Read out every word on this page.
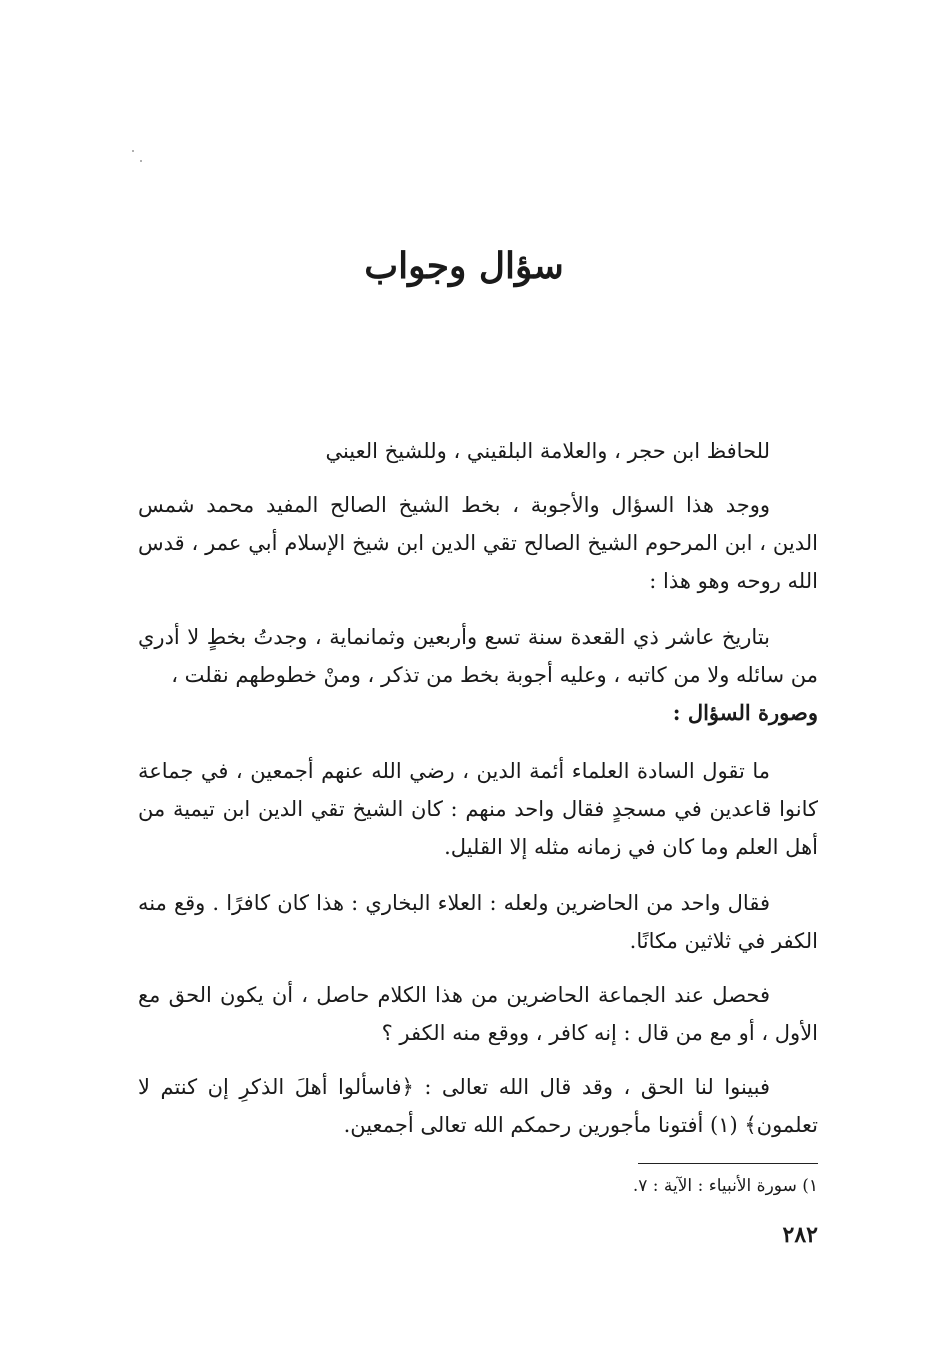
سؤال وجواب

للحافظ ابن حجر ، والعلامة البلقيني ، وللشيخ العيني

ووجد هذا السؤال والأجوبة ، بخط الشيخ الصالح المفيد محمد شمس الدين ، ابن المرحوم الشيخ الصالح تقي الدين ابن شيخ الإسلام أبي عمر ، قدس الله روحه وهو هذا :

بتاريخ عاشر ذي القعدة سنة تسع وأربعين وثمانماية ، وجدتُ بخطٍ لا أدري من سائله ولا من كاتبه ، وعليه أجوبة بخط من تذكر ، ومنْ خطوطهم نقلت ،

وصورة السؤال :

ما تقول السادة العلماء أئمة الدين ، رضي الله عنهم أجمعين ، في جماعة كانوا قاعدين في مسجدٍ فقال واحد منهم : كان الشيخ تقي الدين ابن تيمية من أهل العلم وما كان في زمانه مثله إلا القليل.

فقال واحد من الحاضرين ولعله : العلاء البخاري : هذا كان كافرًا . وقع منه الكفر في ثلاثين مكانًا.

فحصل عند الجماعة الحاضرين من هذا الكلام حاصل ، أن يكون الحق مع الأول ، أو مع من قال : إنه كافر ، ووقع منه الكفر ؟

فبينوا لنا الحق ، وقد قال الله تعالى : ﴿فاسألوا أهلَ الذكرِ إن كنتم لا تعلمون﴾ (١) أفتونا مأجورين رحمكم الله تعالى أجمعين.

١) سورة الأنبياء : الآية : ٧.
٢٨٢
